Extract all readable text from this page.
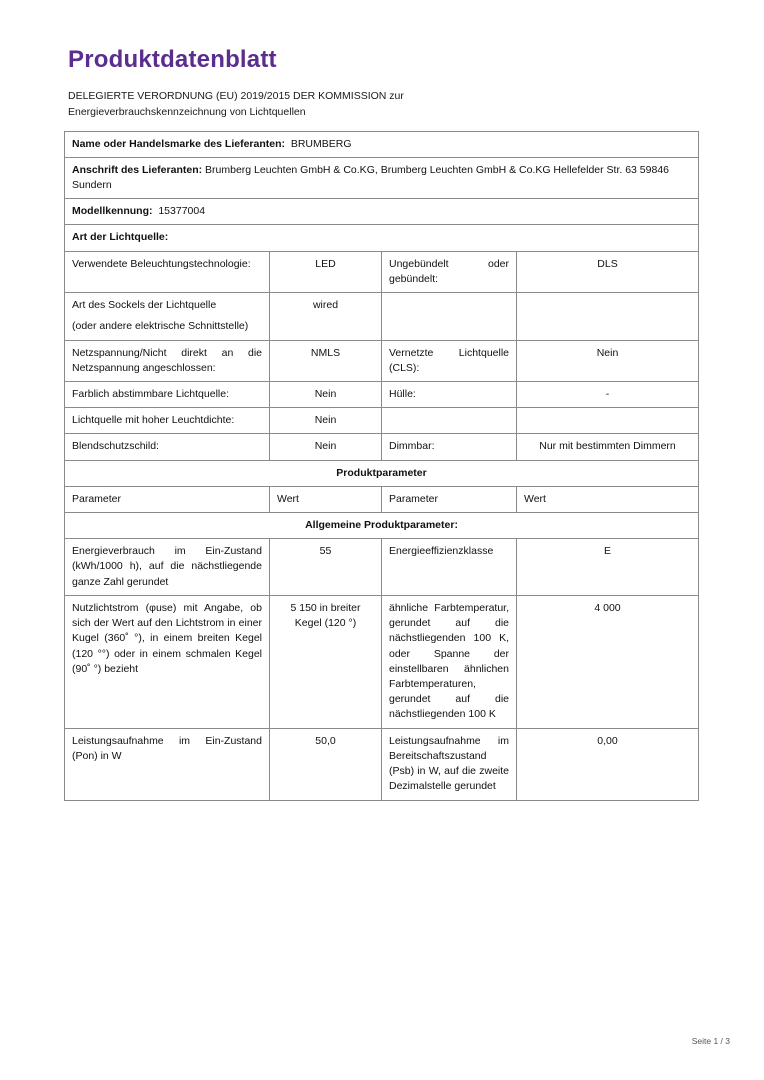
Produktdatenblatt

DELEGIERTE VERORDNUNG (EU) 2019/2015 DER KOMMISSION zur
Energieverbrauchskennzeichnung von Lichtquellen

Name oder Handelsmarke des Lieferanten: BRUMBERG			
Anschrift des Lieferanten: Brumberg Leuchten GmbH & Co.KG, Brumberg Leuchten GmbH & Co.KG Hellefelder Str. 63 59846 Sundern			
Modellkennung: 15377004			
Art der Lichtquelle:			
Verwendete Beleuchtungstechnologie:	LED	Ungebündelt oder gebündelt:	DLS

Art des Sockels der Lichtquelle
(oder andere elektrische Schnittstelle)	wired		
Netzspannung/Nicht direkt an die Netzspannung angeschlossen:	NMLS	Vernetzte Lichtquelle (CLS):	Nein
Farblich abstimmbare Lichtquelle:	Nein	Hülle:	-
Lichtquelle mit hoher Leuchtdichte:	Nein		
Blendschutzschild:	Nein	Dimmbar:	Nur mit bestimmten Dimmern
Produktparameter			
Parameter	Wert	Parameter	Wert
Allgemeine Produktparameter:			
Energieverbrauch im Ein-Zustand (kWh/1000 h), auf die nächstliegende ganze Zahl gerundet	55	Energieeffizienzklasse	E
Nutzlichtstrom (φuse) mit Angabe, ob sich der Wert auf den Lichtstrom in einer Kugel (360˚ °), in einem breiten Kegel (120 °°) oder in einem schmalen Kegel (90˚ °) bezieht	5 150 in breiter Kegel (120 °)	ähnliche Farbtemperatur, gerundet auf die nächstliegenden 100 K, oder Spanne der einstellbaren ähnlichen Farbtemperaturen, gerundet auf die nächstliegenden 100 K	4 000
Leistungsaufnahme im Ein-Zustand (Pon) in W	50,0	Leistungsaufnahme im Bereitschaftszustand (Psb) in W, auf die zweite Dezimalstelle gerundet	0,00
Seite 1 / 3
